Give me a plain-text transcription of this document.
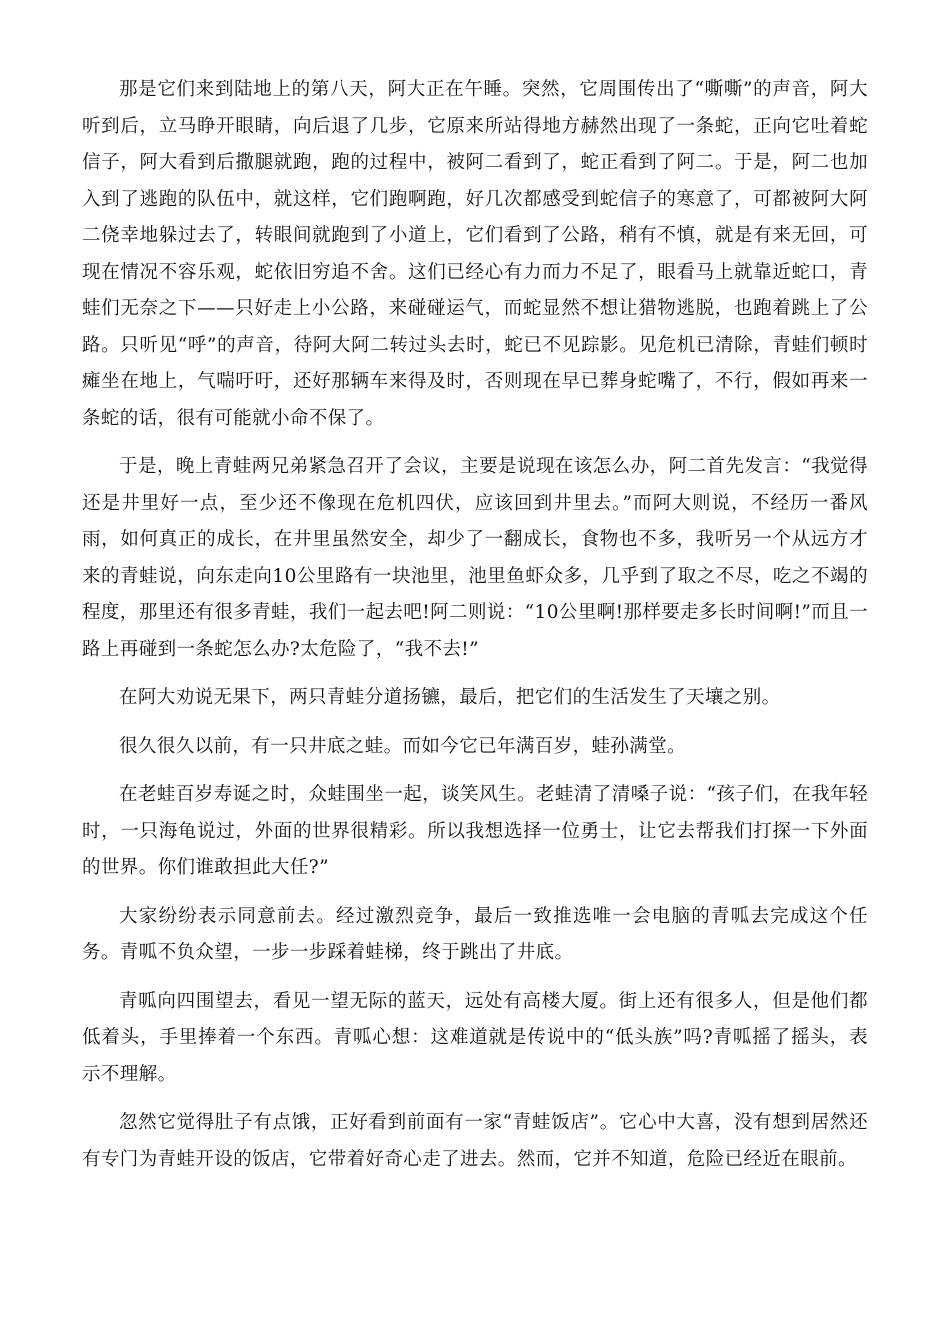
那是它们来到陆地上的第八天，阿大正在午睡。突然，它周围传出了“嘶嘶”的声音，阿大听到后，立马睁开眼睛，向后退了几步，它原来所站得地方赫然出现了一条蛇，正向它吐着蛇信子，阿大看到后撒腿就跑，跑的过程中，被阿二看到了，蛇正看到了阿二。于是，阿二也加入到了逃跑的队伍中，就这样，它们跑啊跑，好几次都感受到蛇信子的寒意了，可都被阿大阿二侥幸地躲过去了，转眼间就跑到了小道上，它们看到了公路，稍有不慎，就是有来无回，可现在情况不容乐观，蛇依旧穷追不舍。这们已经心有力而力不足了，眼看马上就靠近蛇口，青蛙们无奈之下——只好走上小公路，来碰碰运气，而蛇显然不想让猎物逃脱，也跑着跳上了公路。只听见“呼”的声音，待阿大阿二转过头去时，蛇已不见踪影。见危机已清除，青蛙们顿时瘫坐在地上，气喘吁吁，还好那辆车来得及时，否则现在早已葬身蛇嘴了，不行，假如再来一条蛇的话，很有可能就小命不保了。

于是，晚上青蛙两兄弟紧急召开了会议，主要是说现在该怎么办，阿二首先发言：“我觉得还是井里好一点，至少还不像现在危机四伏，应该回到井里去。”而阿大则说，不经历一番风雨，如何真正的成长，在井里虽然安全，却少了一翻成长，食物也不多，我听另一个从远方才来的青蛙说，向东走向10公里路有一块池里，池里鱼虾众多，几乎到了取之不尽，吃之不竭的程度，那里还有很多青蛙，我们一起去吧!阿二则说：“10公里啊!那样要走多长时间啊!”而且一路上再碰到一条蛇怎么办?太危险了，“我不去!”

在阿大劝说无果下，两只青蛙分道扬镳，最后，把它们的生活发生了天壤之别。

很久很久以前，有一只井底之蛙。而如今它已年满百岁，蛙孙满堂。

在老蛙百岁寿诞之时，众蛙围坐一起，谈笑风生。老蛙清了清嗓子说：“孩子们，在我年轻时，一只海龟说过，外面的世界很精彩。所以我想选择一位勇士，让它去帮我们打探一下外面的世界。你们谁敢担此大任?”

大家纷纷表示同意前去。经过激烈竞争，最后一致推选唯一会电脑的青呱去完成这个任务。青呱不负众望，一步一步踩着蛙梯，终于跳出了井底。

青呱向四围望去，看见一望无际的蓝天，远处有高楼大厦。街上还有很多人，但是他们都低着头，手里捧着一个东西。青呱心想：这难道就是传说中的“低头族”吗?青呱摇了摇头，表示不理解。

忽然它觉得肚子有点饿，正好看到前面有一家“青蛙饭店”。它心中大喜，没有想到居然还有专门为青蛙开设的饭店，它带着好奇心走了进去。然而，它并不知道，危险已经近在眼前。
